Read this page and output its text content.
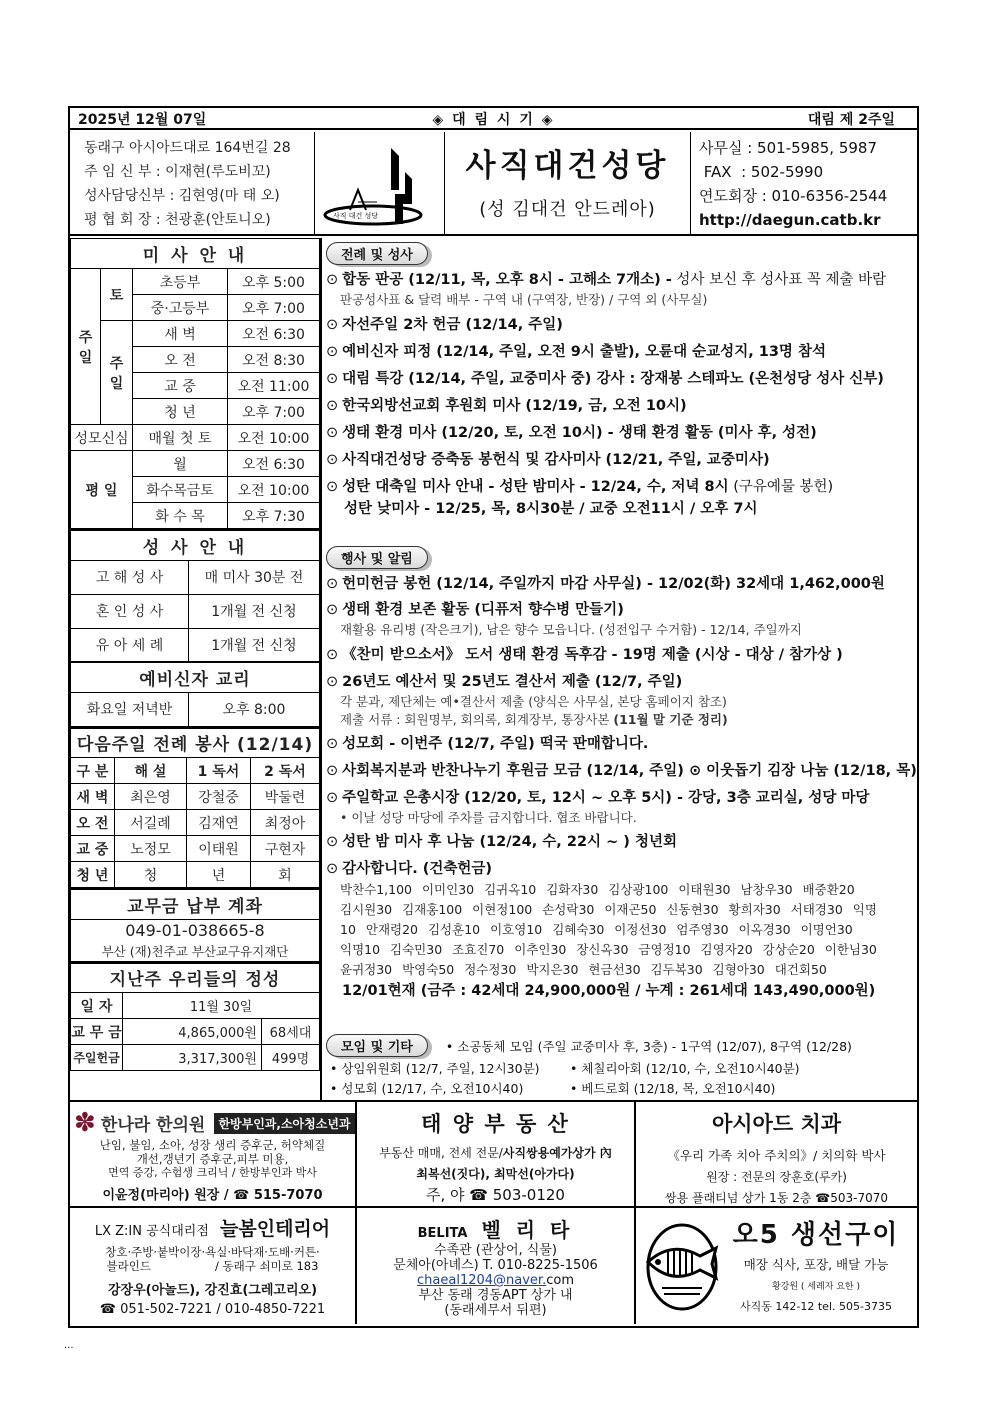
2025년 12월 07일	◈ 대 림 시 기 ◈	대림 제 2주일
동래구 아시아드대로 164번길 28
주 임 신 부 : 이재현(루도비꼬)
성사담당신부 : 김현영(마 태 오)
평 협 회 장 : 천광훈(안토니오)	사직 대건 성당
사직대건성당
(성 김대건 안드레아)
사무실 : 501-5985, 5987
FAX  : 502-5990
연도회장 : 010-6356-2544
http://daegun.catb.kr
미 사 안 내			
주 일	토	초등부	오후 5:00
		중·고등부	오후 7:00
	주 일	새 벽	오전 6:30
		오 전	오전 8:30
		교 중	오전 11:00
		청 년	오후 7:00
성모신심		매월 첫 토	오전 10:00
평 일		월	오전 6:30
		화수목금토	오전 10:00
		화 수 목	오후 7:30
성 사 안 내	
고 해 성 사	매 미사 30분 전
혼 인 성 사	1개월 전 신청
유 아 세 례	1개월 전 신청
예비신자 교리	
화요일 저녁반	오후 8:00
다음주일 전례 봉사 (12/14)			
구 분	해 설	1 독서	2 독서
새 벽	최은영	강철중	박둘련
오 전	서길례	김재연	최정아
교 중	노정모	이태원	구현자
청 년	청	년	회
교무금 납부 계좌
049-01-038665-8
부산 (재)천주교 부산교구유지재단
지난주 우리들의 정성		
일 자	11월 30일	
교 무 금	4,865,000원	68세대
주일헌금	3,317,300원	499명
전례 및 성사
⊙ 합동 판공 (12/11, 목, 오후 8시 - 고해소 7개소) - 성사 보신 후 성사표 꼭 제출 바람
판공성사표 & 달력 배부 - 구역 내 (구역장, 반장) / 구역 외 (사무실)
⊙ 자선주일 2차 헌금 (12/14, 주일)
⊙ 예비신자 피정 (12/14, 주일, 오전 9시 출발), 오륜대 순교성지, 13명 참석
⊙ 대림 특강 (12/14, 주일, 교중미사 중) 강사 : 장재봉 스테파노 (온천성당 성사 신부)
⊙ 한국외방선교회 후원회 미사 (12/19, 금, 오전 10시)
⊙ 생태 환경 미사 (12/20, 토, 오전 10시) - 생태 환경 활동 (미사 후, 성전)
⊙ 사직대건성당 증축동 봉헌식 및 감사미사 (12/21, 주일, 교중미사)
⊙ 성탄 대축일 미사 안내 - 성탄 밤미사 - 12/24, 수, 저녁 8시 (구유예물 봉헌)
성탄 낮미사 - 12/25, 목, 8시30분 / 교중 오전11시 / 오후 7시
행사 및 알림
⊙ 헌미헌금 봉헌 (12/14, 주일까지 마감 사무실) - 12/02(화) 32세대 1,462,000원
⊙ 생태 환경 보존 활동 (디퓨저 향수병 만들기)
재활용 유리병 (작은크기), 남은 향수 모읍니다. (성전입구 수거함) - 12/14, 주일까지
⊙ 《찬미 받으소서》 도서 생태 환경 독후감 - 19명 제출 (시상 - 대상 / 참가상 )
⊙ 26년도 예산서 및 25년도 결산서 제출 (12/7, 주일)
각 분과, 제단체는 예•결산서 제출 (양식은 사무실, 본당 홈페이지 참조)
제출 서류 : 회원명부, 회의록, 회계장부, 통장사본 (11월 말 기준 정리)
⊙ 성모회 - 이번주 (12/7, 주일) 떡국 판매합니다.
⊙ 사회복지분과 반찬나누기 후원금 모금 (12/14, 주일) ⊙ 이웃돕기 김장 나눔 (12/18, 목)
⊙ 주일학교 은총시장 (12/20, 토, 12시 ~ 오후 5시) - 강당, 3층 교리실, 성당 마당
• 이날 성당 마당에 주차를 금지합니다. 협조 바랍니다.
⊙ 성탄 밤 미사 후 나눔 (12/24, 수, 22시 ~ ) 청년회
⊙ 감사합니다. (건축헌금)
박찬수1,100 이미인30 김귀옥10 김화자30 김상광100 이태원30 남창우30 배중환20
김시원30 김재홍100 이현정100 손성락30 이재곤50 신동현30 황희자30 서태경30 익명
10 안재령20 김성훈10 이호영10 김혜숙30 이정선30 엄주영30 이옥경30 이명언30
익명10 김숙민30 조효진70 이추인30 장신옥30 금영정10 김영자20 강상순20 이한님30
윤귀정30 박영숙50 정수정30 박지은30 현금선30 김두복30 김형아30 대건회50
12/01현재 (금주 : 42세대 24,900,000원 / 누계 : 261세대 143,490,000원)
모임 및 기타	• 소공동체 모임 (주일 교중미사 후, 3층) - 1구역 (12/07), 8구역 (12/28)
• 상임위원회 (12/7, 주일, 12시30분) • 체칠리아회 (12/10, 수, 오전10시40분)
• 성모회 (12/17, 수, 오전10시40)	• 베드로회 (12/18, 목, 오전10시40)
✽ 한나라 한의원 한방부인과,소아청소년과
난임, 불임, 소아, 성장 생리 증후군, 허약체질
개선,갱년기 증후군,피부 미용,
면역 증강, 수험생 크리닉 / 한방부인과 박사
이윤정(마리아) 원장 / ☎ 515-7070
태 양 부 동 산
부동산 매매, 전세 전문/사직쌍용예가상가 內
최복선(짓다), 최막선(아가다)
주, 야 ☎ 503-0120
아시아드 치과
《우리 가족 치아 주치의》/ 치의학 박사
원장 : 전문의 장훈호(루카)
쌍용 플래티넘 상가 1동 2층 ☎503-7070
LX Z:IN 공식대리점 늘봄인테리어
창호·주방·붙박이장·욕실·바닥재·도배·커튼·
블라인드	/ 동래구 쇠미로 183
강장우(아놀드), 강진효(그레고리오)
☎ 051-502-7221 / 010-4850-7221
BELITA 벨 리 타
수족관 (관상어, 식물)
문체아(아녜스) T. 010-8225-1506
chaeal1204@naver.com
부산 동래 경동APT 상가 내
(동래세무서 뒤편)
오5 생선구이
매장 식사, 포장, 배달 가능
황강원 ( 세례자 요한 )
사직동 142-12 tel. 505-3735
...
